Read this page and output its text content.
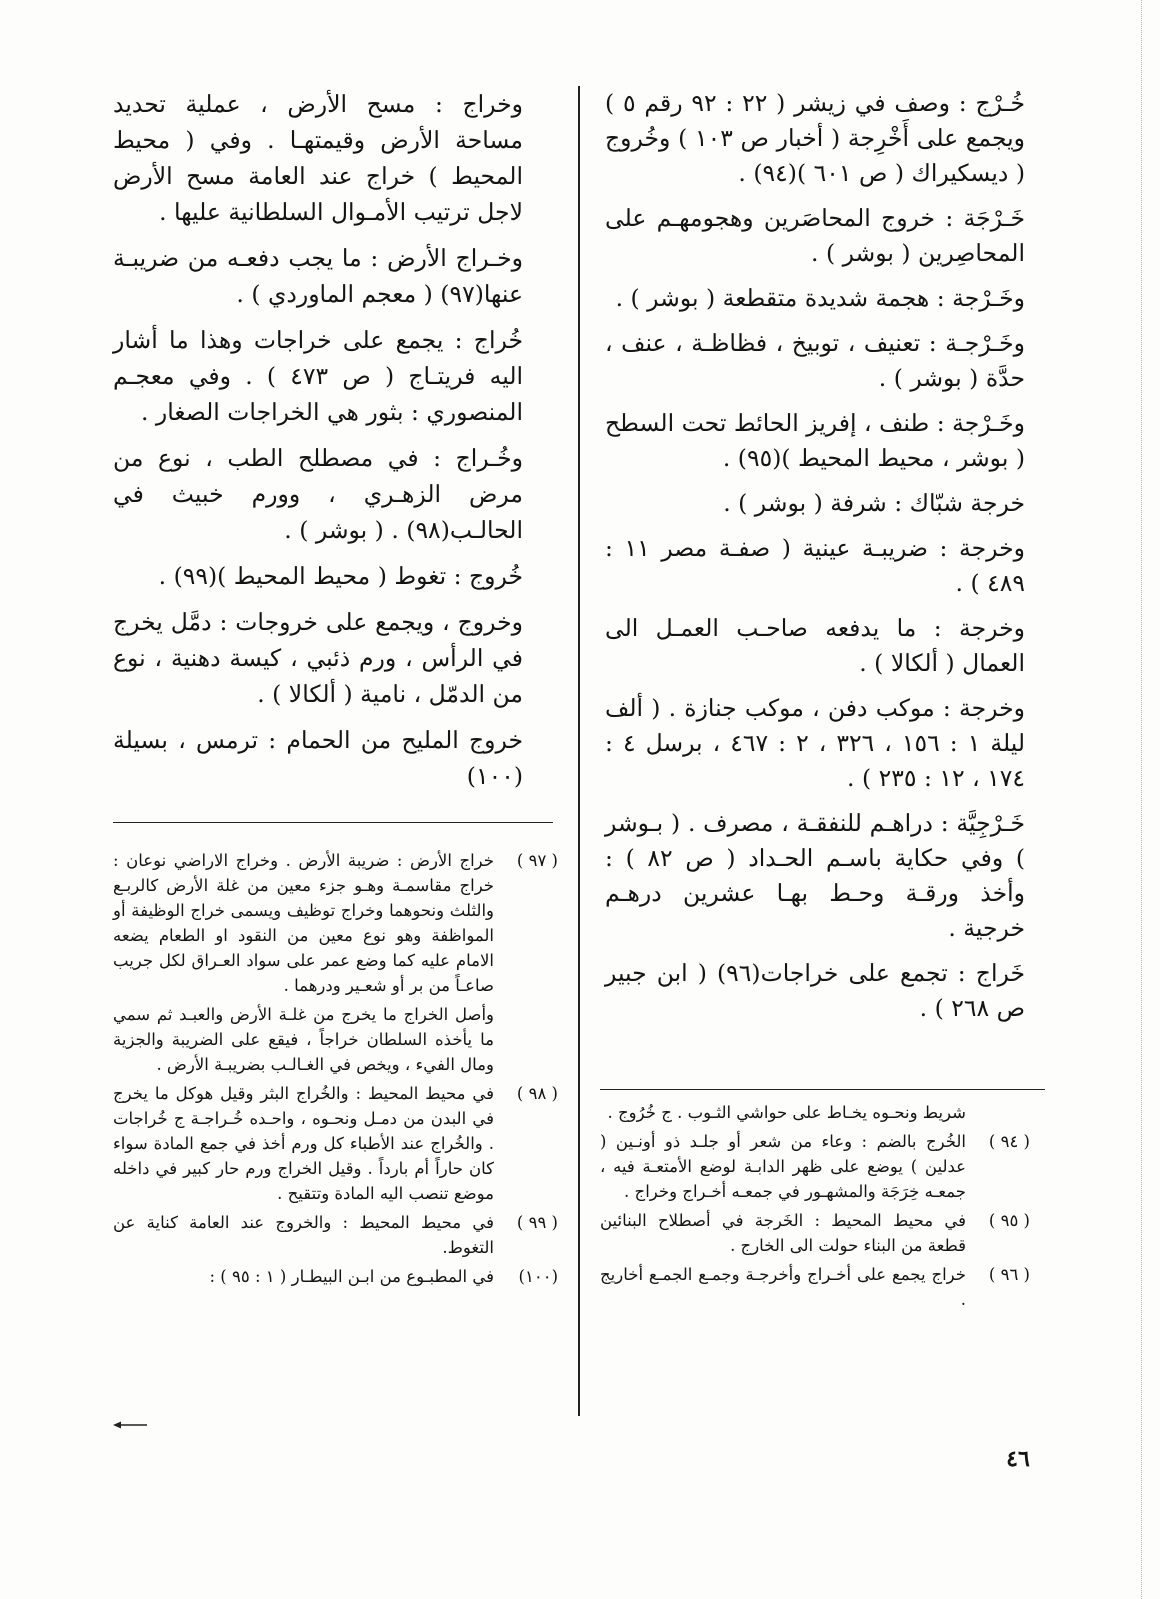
خُـرْج : وصف في زيشر ( ٢٢ : ٩٢ رقم ٥ ) ويجمع على أَخْرِجة ( أخبار ص ١٠٣ ) وخُروج ( ديسكيراك ( ص ٦٠١ )(٩٤) .

خَـرْجَة : خروج المحاصَرين وهجومهـم على المحاصِرين ( بوشر ) .

وخَـرْجة : هجمة شديدة متقطعة ( بوشر ) .

وخَـرْجـة : تعنيف ، توبيخ ، فظاظـة ، عنف ، حدَّة ( بوشر ) .

وخَـرْجة : طنف ، إفريز الحائط تحت السطح ( بوشر ، محيط المحيط )(٩٥) .

خرجة شبّاك : شرفة ( بوشر ) .

وخرجة : ضريبـة عينية ( صفـة مصر ١١ : ٤٨٩ ) .

وخرجة : ما يدفعه صاحـب العمـل الى العمال ( ألكالا ) .

وخرجة : موكب دفن ، موكب جنازة . ( ألف ليلة ١ : ١٥٦ ، ٣٢٦ ، ٢ : ٤٦٧ ، برسل ٤ : ١٧٤ ، ١٢ : ٢٣٥ ) .

خَـرْجِيَّة : دراهـم للنفقـة ، مصرف . ( بـوشر ) وفي حكاية باسـم الحـداد ( ص ٨٢ ) : وأخذ ورقـة وحـط بهـا عشرين درهـم خرجية .

خَراج : تجمع على خراجات(٩٦) ( ابن جبير ص ٢٦٨ ) .

وخراج : مسح الأرض ، عملية تحديد مساحة الأرض وقيمتهـا . وفي ( محيط المحيط ) خراج عند العامة مسح الأرض لاجل ترتيب الأمـوال السلطانية عليها .

وخـراج الأرض : ما يجب دفعـه من ضريبـة عنها(٩٧) ( معجم الماوردي ) .

خُراج : يجمع على خراجات وهذا ما أشار اليه فريتـاج ( ص ٤٧٣ ) . وفي معجـم المنصوري : بثور هي الخراجات الصغار .

وخُـراج : في مصطلح الطب ، نوع من مرض الزهـري ، وورم خبيث في الحالـب(٩٨) . ( بوشر ) .

خُروج : تغوط ( محيط المحيط )(٩٩) .

وخروج ، ويجمع على خروجات : دمَّل يخرج في الرأس ، ورم ذئبي ، كيسة دهنية ، نوع من الدمّل ، نامية ( ألكالا ) .

خروج المليح من الحمام : ترمس ، بسيلة (١٠٠)

( ٩٧ )
خراج الأرض : ضريبة الأرض . وخراج الاراضي نوعان : خراج مقاسمـة وهـو جزء معين من غلة الأرض كالربـع والثلث ونحوهما وخراج توظيف ويسمى خراج الوظيفة أو المواظفة وهو نوع معين من النقود او الطعام يضعه الامام عليه كما وضع عمر على سواد العـراق لكل جريب صاعـاً من بر أو شعـير ودرهما .
وأصل الخراج ما يخرج من غلـة الأرض والعبـد ثم سمي ما يأخذه السلطان خراجاً ، فيقع على الضريبة والجزية ومال الفيء ، ويخص في الغـالـب بضريبـة الأرض .
( ٩٨ )
في محيط المحيط : والخُراج البثر وقيل هوكل ما يخرج في البدن من دمـل ونحـوه ، واحـده خُـراجـة ج خُراجات . والخُراج عند الأطباء كل ورم أخذ في جمع المادة سواء كان حاراً أم بارداً . وقيل الخراج ورم حار كبير في داخله موضع تنصب اليه المادة وتتقيح .
( ٩٩ )
في محيط المحيط : والخروج عند العامة كناية عن التغوط.
(١٠٠)
في المطبـوع من ابـن البيطـار ( ١ : ٩٥ ) :
شريط ونحـوه يخـاط على حواشي الثـوب . ج خُرُوج .
( ٩٤ )
الخُرج بالضم : وعاء من شعر أو جلـد ذو أونـين ( عدلين ) يوضع على ظهر الدابـة لوضع الأمتعـة فيه ، جمعـه خِرَجَة والمشهـور في جمعـه أخـراج وخراج .
( ٩٥ )
في محيط المحيط : الخَرجة في أصطلاح البنائين قطعة من البناء حولت الى الخارج .
( ٩٦ )
خراج يجمع على أخـراج وأخرجـة وجمـع الجمـع أخاريج .
٤٦
